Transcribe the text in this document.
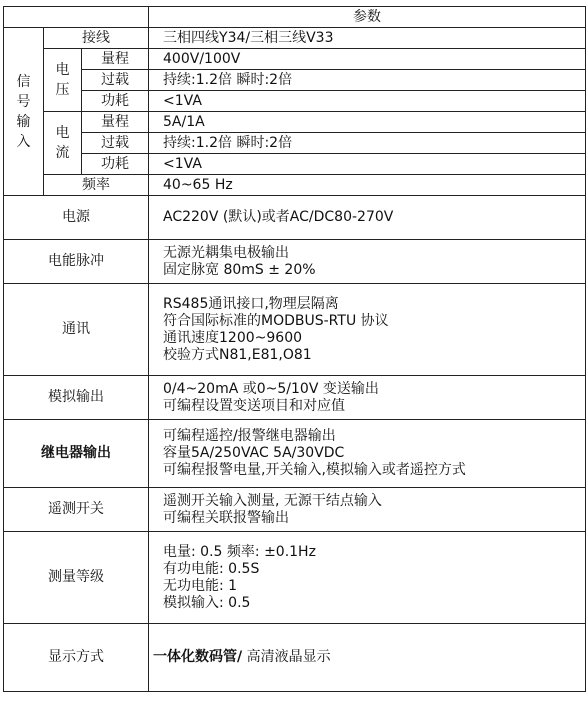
			参数
信号输入	接线		三相四线Y34/三相三线V33
	电压	量程	400V/100V
		过载	持续:1.2倍 瞬时:2倍
		功耗	<1VA
	电流	量程	5A/1A
		过载	持续:1.2倍 瞬时:2倍
		功耗	<1VA
	频率		40~65 Hz
电源			AC220V (默认)或者AC/DC80-270V

电能脉冲			无源光耦集电极输出
固定脉宽 80mS ± 20%

通讯			RS485通讯接口,物理层隔离
符合国际标准的MODBUS-RTU 协议
通讯速度1200~9600
校验方式N81,E81,O81

模拟输出			0/4~20mA 或0~5/10V 变送输出
可编程设置变送项目和对应值

继电器输出			可编程遥控/报警继电器输出
容量5A/250VAC 5A/30VDC
可编程报警电量,开关输入,模拟输入或者遥控方式

遥测开关			遥测开关输入测量, 无源干结点输入
可编程关联报警输出

测量等级			电量: 0.5 频率: ±0.1Hz
有功电能: 0.5S
无功电能: 1
模拟输入: 0.5

显示方式			一体化数码管/ 高清液晶显示
